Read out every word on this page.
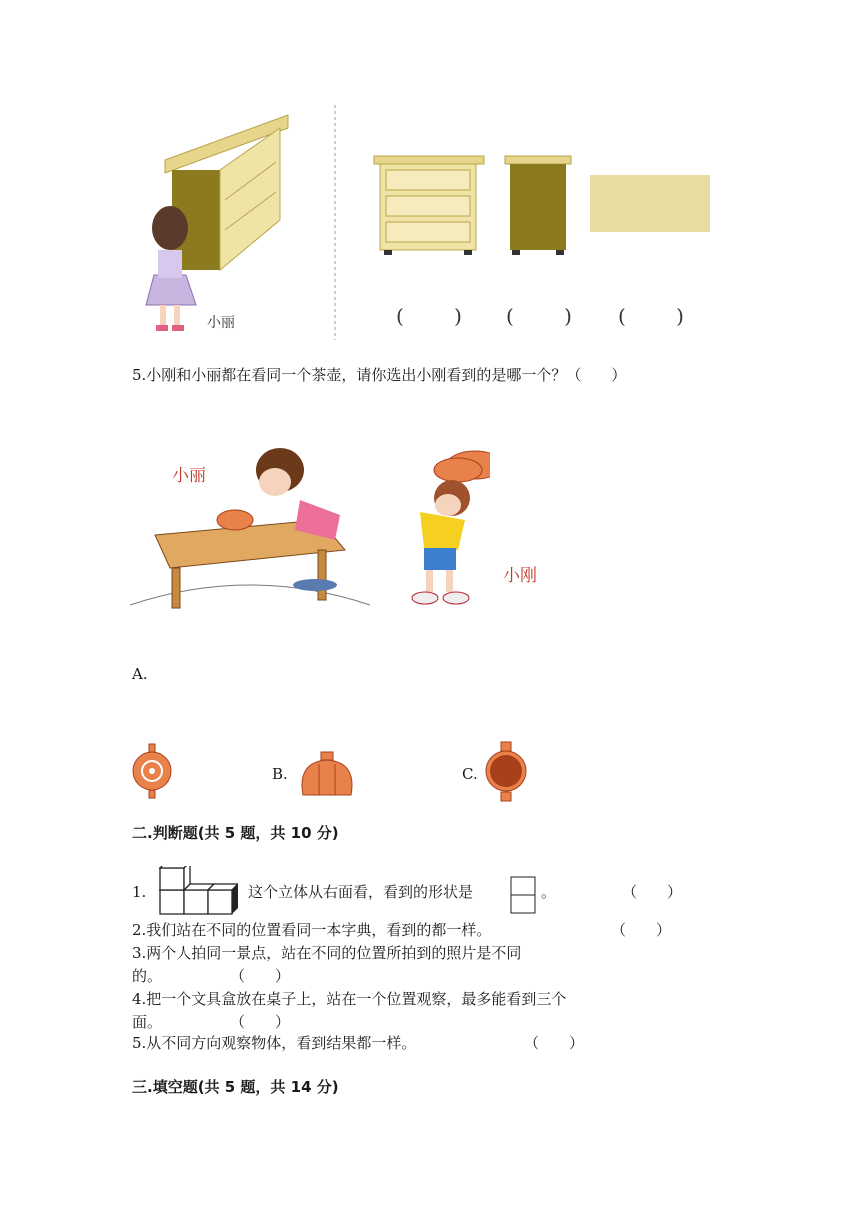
小丽	( ) ( ) ( )
5.小刚和小丽都在看同一个茶壶，请你选出小刚看到的是哪一个？（　　）
小丽
小刚
A.
B.	C.
二.判断题(共 5 题，共 10 分)
1.	这个立体从右面看，看到的形状是	。	（　　）
2.我们站在不同的位置看同一本字典，看到的都一样。	（　　）
3.两个人拍同一景点，站在不同的位置所拍到的照片是不同
的。	（　　）
4.把一个文具盒放在桌子上，站在一个位置观察，最多能看到三个
面。	（　　）
5.从不同方向观察物体，看到结果都一样。	（　　）
三.填空题(共 5 题，共 14 分)
